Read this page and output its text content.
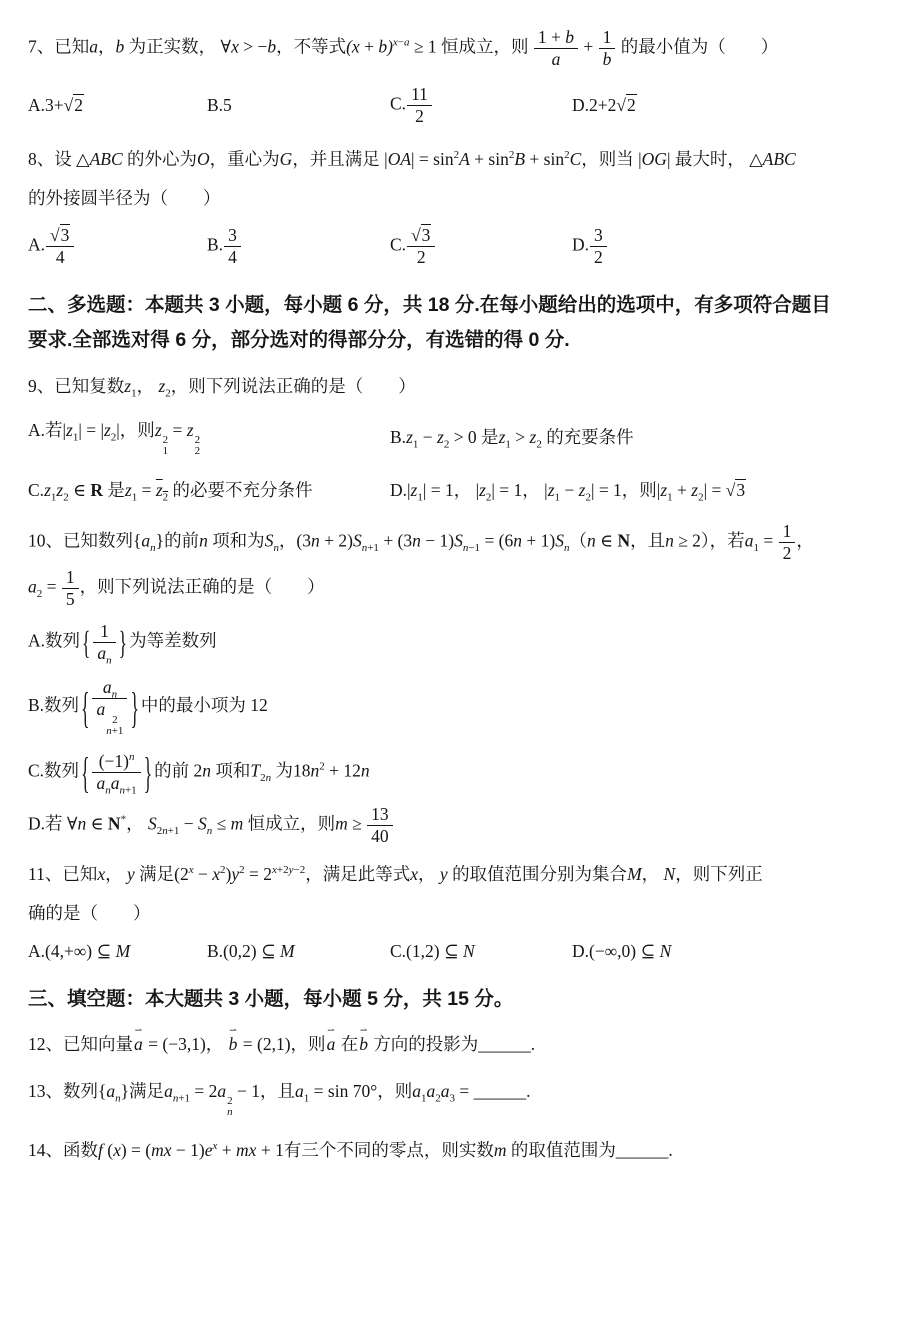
7、已知a，b 为正实数， ∀x > −b，不等式$(x + b)^{x-a} \ge 1$ 恒成立，则 $\frac{1 + b}{a} + \frac{1}{b}$ 的最小值为（　　）
A.3+√2	B.5	C. $\frac{11}{2}$	D.2+2√2
8、设 △ABC 的外心为O，重心为G，并且满足 $|OA| = \sin^2A + \sin^2B + \sin^2C$，则当 |OG| 最大时， △ABC
的外接圆半径为（　　）
A. $\frac{√3}{4}$	B. $\frac{3}{4}$	C. $\frac{√3}{2}$	D. $\frac{3}{2}$
二、多选题：本题共 3 小题，每小题 6 分，共 18 分.在每小题给出的选项中，有多项符合题目
要求.全部选对得 6 分，部分选对的得部分分，有选错的得 0 分.
9、已知复数$z_1$， $z_2$，则下列说法正确的是（　　）
A.若$|z_1| = |z_2|$，则z
2
1
= z
2
2
$B.z_1 - z_2 > 0$ 是$z_1 > z_2$ 的充要条件
$C.z_1z_2$ ∈ R 是$z_1 = z_2$ 的必要不充分条件	$D.|z_1| = 1$， $|z_2| = 1$， $|z_1 - z_2| = 1$，则$|z_1 + z_2| = √3$
10、已知数列$\{a_n\}$的前n 项和为$S_n$，$(3n + 2)S_{n+1} + (3n - 1)S_{n-1} = (6n + 1)S_n(n$ ∈ N，且n ≥ 2），若$a_1 = \frac{1}{2}$ ，
$a_2 = \frac{1}{5}$ ，则下列说法正确的是（　　）
A.数列 { $\frac{1}{a_n}$ } 为等差数列
B.数列 { $a_n$
a
2
n+1 } 中的最小项为 12
C.数列 { $(-1)^n$
$a_na_{n+1}$ } 的前 2n 项和$T_{2n}$ 为$18n^2 + 12n$
D.若 ∀n ∈ N*， $S_{2n+1} - S_n \le m$ 恒成立，则$m \ge \frac{13}{40}$
11、已知x， y 满足$(2^x - x^2)y^2 = 2^{x+2y-2}$，满足此等式x， y 的取值范围分别为集合M， N，则下列正
确的是（　　）
A.(4,+∞) ⊆ M	B.(0,2) ⊆ M	C.(1,2) ⊆ N	D.(−∞,0) ⊆ N
三、填空题：本大题共 3 小题，每小题 5 分，共 15 分。
12、已知向量
⇀
a = (−3,1)，
⇀
b = (2,1)，则
⇀
a 在
⇀
b 方向的投影为______.
13、数列$\{a_n\}$满足$a_{n+1} = 2a$
2
n
− 1，且$a_1 = \sin 70^\circ$，则$a_1a_2a_3$ = ______.
14、函数f $(x) = (mx - 1)e^x$ + mx + 1有三个不同的零点，则实数m 的取值范围为______.
